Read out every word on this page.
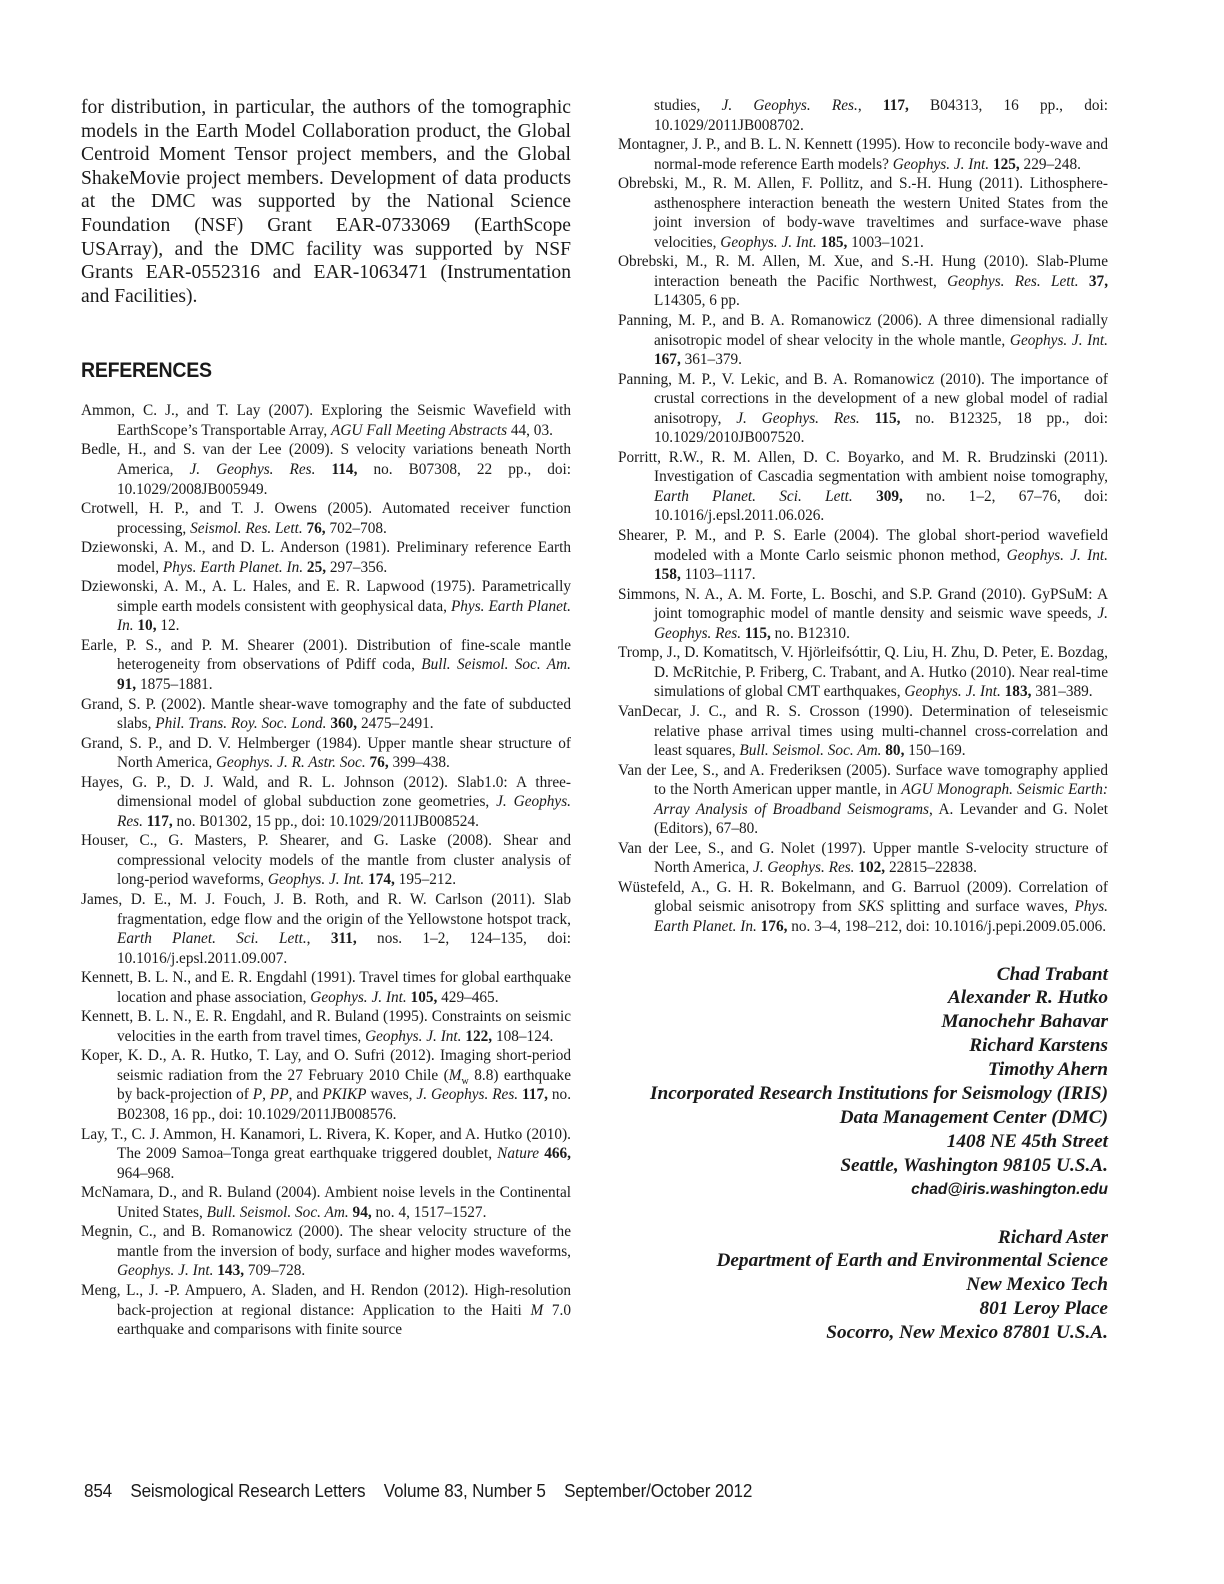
for distribution, in particular, the authors of the tomographic models in the Earth Model Collaboration product, the Global Centroid Moment Tensor project members, and the Global ShakeMovie project members. Development of data products at the DMC was supported by the National Science Foundation (NSF) Grant EAR-0733069 (EarthScope USArray), and the DMC facility was supported by NSF Grants EAR-0552316 and EAR-1063471 (Instrumentation and Facilities).

REFERENCES
Ammon, C. J., and T. Lay (2007). Exploring the Seismic Wavefield with EarthScope’s Transportable Array, AGU Fall Meeting Abstracts 44, 03.
Bedle, H., and S. van der Lee (2009). S velocity variations beneath North America, J. Geophys. Res. 114, no. B07308, 22 pp., doi: 10.1029/2008JB005949.
Crotwell, H. P., and T. J. Owens (2005). Automated receiver function processing, Seismol. Res. Lett. 76, 702–708.
Dziewonski, A. M., and D. L. Anderson (1981). Preliminary reference Earth model, Phys. Earth Planet. In. 25, 297–356.
Dziewonski, A. M., A. L. Hales, and E. R. Lapwood (1975). Parametrically simple earth models consistent with geophysical data, Phys. Earth Planet. In. 10, 12.
Earle, P. S., and P. M. Shearer (2001). Distribution of fine-scale mantle heterogeneity from observations of Pdiff coda, Bull. Seismol. Soc. Am. 91, 1875–1881.
Grand, S. P. (2002). Mantle shear-wave tomography and the fate of subducted slabs, Phil. Trans. Roy. Soc. Lond. 360, 2475–2491.
Grand, S. P., and D. V. Helmberger (1984). Upper mantle shear structure of North America, Geophys. J. R. Astr. Soc. 76, 399–438.
Hayes, G. P., D. J. Wald, and R. L. Johnson (2012). Slab1.0: A three-dimensional model of global subduction zone geometries, J. Geophys. Res. 117, no. B01302, 15 pp., doi: 10.1029/2011JB008524.
Houser, C., G. Masters, P. Shearer, and G. Laske (2008). Shear and compressional velocity models of the mantle from cluster analysis of long-period waveforms, Geophys. J. Int. 174, 195–212.
James, D. E., M. J. Fouch, J. B. Roth, and R. W. Carlson (2011). Slab fragmentation, edge flow and the origin of the Yellowstone hotspot track, Earth Planet. Sci. Lett., 311, nos. 1–2, 124–135, doi: 10.1016/j.epsl.2011.09.007.
Kennett, B. L. N., and E. R. Engdahl (1991). Travel times for global earthquake location and phase association, Geophys. J. Int. 105, 429–465.
Kennett, B. L. N., E. R. Engdahl, and R. Buland (1995). Constraints on seismic velocities in the earth from travel times, Geophys. J. Int. 122, 108–124.
Koper, K. D., A. R. Hutko, T. Lay, and O. Sufri (2012). Imaging short-period seismic radiation from the 27 February 2010 Chile ($M_w$ 8.8) earthquake by back-projection of P, PP, and PKIKP waves, J. Geophys. Res. 117, no. B02308, 16 pp., doi: 10.1029/2011JB008576.
Lay, T., C. J. Ammon, H. Kanamori, L. Rivera, K. Koper, and A. Hutko (2010). The 2009 Samoa–Tonga great earthquake triggered doublet, Nature 466, 964–968.
McNamara, D., and R. Buland (2004). Ambient noise levels in the Continental United States, Bull. Seismol. Soc. Am. 94, no. 4, 1517–1527.
Megnin, C., and B. Romanowicz (2000). The shear velocity structure of the mantle from the inversion of body, surface and higher modes waveforms, Geophys. J. Int. 143, 709–728.
Meng, L., J. -P. Ampuero, A. Sladen, and H. Rendon (2012). High-resolution back-projection at regional distance: Application to the Haiti M 7.0 earthquake and comparisons with finite source
studies, J. Geophys. Res., 117, B04313, 16 pp., doi: 10.1029/2011JB008702.
Montagner, J. P., and B. L. N. Kennett (1995). How to reconcile body-wave and normal-mode reference Earth models? Geophys. J. Int. 125, 229–248.
Obrebski, M., R. M. Allen, F. Pollitz, and S.-H. Hung (2011). Lithosphere-asthenosphere interaction beneath the western United States from the joint inversion of body-wave traveltimes and surface-wave phase velocities, Geophys. J. Int. 185, 1003–1021.
Obrebski, M., R. M. Allen, M. Xue, and S.-H. Hung (2010). Slab-Plume interaction beneath the Pacific Northwest, Geophys. Res. Lett. 37, L14305, 6 pp.
Panning, M. P., and B. A. Romanowicz (2006). A three dimensional radially anisotropic model of shear velocity in the whole mantle, Geophys. J. Int. 167, 361–379.
Panning, M. P., V. Lekic, and B. A. Romanowicz (2010). The importance of crustal corrections in the development of a new global model of radial anisotropy, J. Geophys. Res. 115, no. B12325, 18 pp., doi: 10.1029/2010JB007520.
Porritt, R.W., R. M. Allen, D. C. Boyarko, and M. R. Brudzinski (2011). Investigation of Cascadia segmentation with ambient noise tomography, Earth Planet. Sci. Lett. 309, no. 1–2, 67–76, doi: 10.1016/j.epsl.2011.06.026.
Shearer, P. M., and P. S. Earle (2004). The global short-period wavefield modeled with a Monte Carlo seismic phonon method, Geophys. J. Int. 158, 1103–1117.
Simmons, N. A., A. M. Forte, L. Boschi, and S.P. Grand (2010). GyPSuM: A joint tomographic model of mantle density and seismic wave speeds, J. Geophys. Res. 115, no. B12310.
Tromp, J., D. Komatitsch, V. Hjörleifsóttir, Q. Liu, H. Zhu, D. Peter, E. Bozdag, D. McRitchie, P. Friberg, C. Trabant, and A. Hutko (2010). Near real-time simulations of global CMT earthquakes, Geophys. J. Int. 183, 381–389.
VanDecar, J. C., and R. S. Crosson (1990). Determination of teleseismic relative phase arrival times using multi-channel cross-correlation and least squares, Bull. Seismol. Soc. Am. 80, 150–169.
Van der Lee, S., and A. Frederiksen (2005). Surface wave tomography applied to the North American upper mantle, in AGU Monograph. Seismic Earth: Array Analysis of Broadband Seismograms, A. Levander and G. Nolet (Editors), 67–80.
Van der Lee, S., and G. Nolet (1997). Upper mantle S-velocity structure of North America, J. Geophys. Res. 102, 22815–22838.
Wüstefeld, A., G. H. R. Bokelmann, and G. Barruol (2009). Correlation of global seismic anisotropy from SKS splitting and surface waves, Phys. Earth Planet. In. 176, no. 3–4, 198–212, doi: 10.1016/j.pepi.2009.05.006.

Chad Trabant

Alexander R. Hutko

Manochehr Bahavar

Richard Karstens

Timothy Ahern

Incorporated Research Institutions for Seismology (IRIS)

Data Management Center (DMC)

1408 NE 45th Street

Seattle, Washington 98105 U.S.A.

chad@iris.washington.edu

Richard Aster

Department of Earth and Environmental Science

New Mexico Tech

801 Leroy Place

Socorro, New Mexico 87801 U.S.A.

854 Seismological Research Letters Volume 83, Number 5 September/October 2012
